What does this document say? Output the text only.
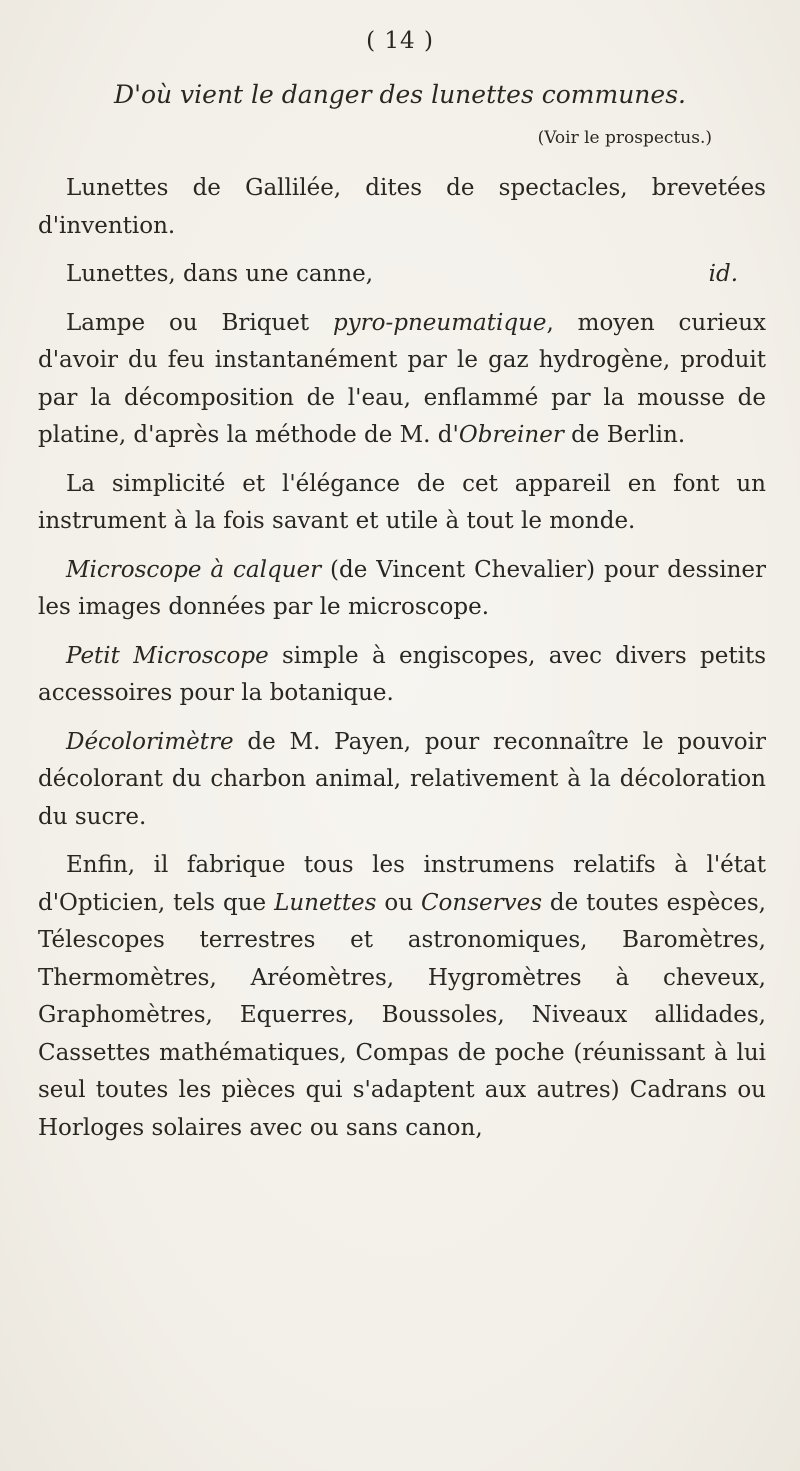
( 14 )
D'où vient le danger des lunettes communes.
(Voir le prospectus.)

Lunettes de Gallilée, dites de spectacles, brevetées d'invention.

Lunettes, dans une canne,	id.

Lampe ou Briquet pyro-pneumatique, moyen curieux d'avoir du feu instantanément par le gaz hydrogène, produit par la décomposition de l'eau, enflammé par la mousse de platine, d'après la méthode de M. d'Obreiner de Berlin.

La simplicité et l'élégance de cet appareil en font un instrument à la fois savant et utile à tout le monde.

Microscope à calquer (de Vincent Chevalier) pour dessiner les images données par le microscope.

Petit Microscope simple à engiscopes, avec divers petits accessoires pour la botanique.

Décolorimètre de M. Payen, pour reconnaître le pouvoir décolorant du charbon animal, relativement à la décoloration du sucre.

Enfin, il fabrique tous les instrumens relatifs à l'état d'Opticien, tels que Lunettes ou Conserves de toutes espèces, Télescopes terrestres et astronomiques, Baromètres, Thermomètres, Aréomètres, Hygromètres à cheveux, Graphomètres, Equerres, Boussoles, Niveaux allidades, Cassettes mathématiques, Compas de poche (réunissant à lui seul toutes les pièces qui s'adaptent aux autres) Cadrans ou Horloges solaires avec ou sans canon,
